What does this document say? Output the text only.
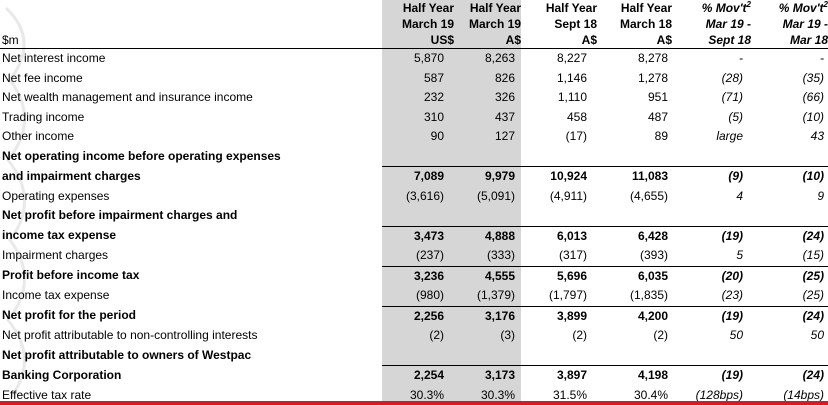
	Half Year	Half Year	Half Year	Half Year	% $Mov't^2$	% $Mov't^2$
	March 19	March 19	Sept 18	March 18	Mar 19 -	Mar 19 -
$m	US$	A$	A$	A$	Sept 18	Mar 18

Net interest income	5,870	8,263	8,227	8,278	-	-
Net fee income	587	826	1,146	1,278	(28)	(35)
Net wealth management and insurance income	232	326	1,110	951	(71)	(66)
Trading income	310	437	458	487	(5)	(10)
Other income	90	127	(17)	89	large	43
Net operating income before operating expenses						
and impairment charges	7,089	9,979	10,924	11,083	(9)	(10)
Operating expenses	(3,616)	(5,091)	(4,911)	(4,655)	4	9
Net profit before impairment charges and						
income tax expense	3,473	4,888	6,013	6,428	(19)	(24)
Impairment charges	(237)	(333)	(317)	(393)	5	(15)
Profit before income tax	3,236	4,555	5,696	6,035	(20)	(25)
Income tax expense	(980)	(1,379)	(1,797)	(1,835)	(23)	(25)
Net profit for the period	2,256	3,176	3,899	4,200	(19)	(24)
Net profit attributable to non-controlling interests	(2)	(3)	(2)	(2)	50	50
Net profit attributable to owners of Westpac						
Banking Corporation	2,254	3,173	3,897	4,198	(19)	(24)
Effective tax rate	30.3%	30.3%	31.5%	30.4%	(128bps)	(14bps)
